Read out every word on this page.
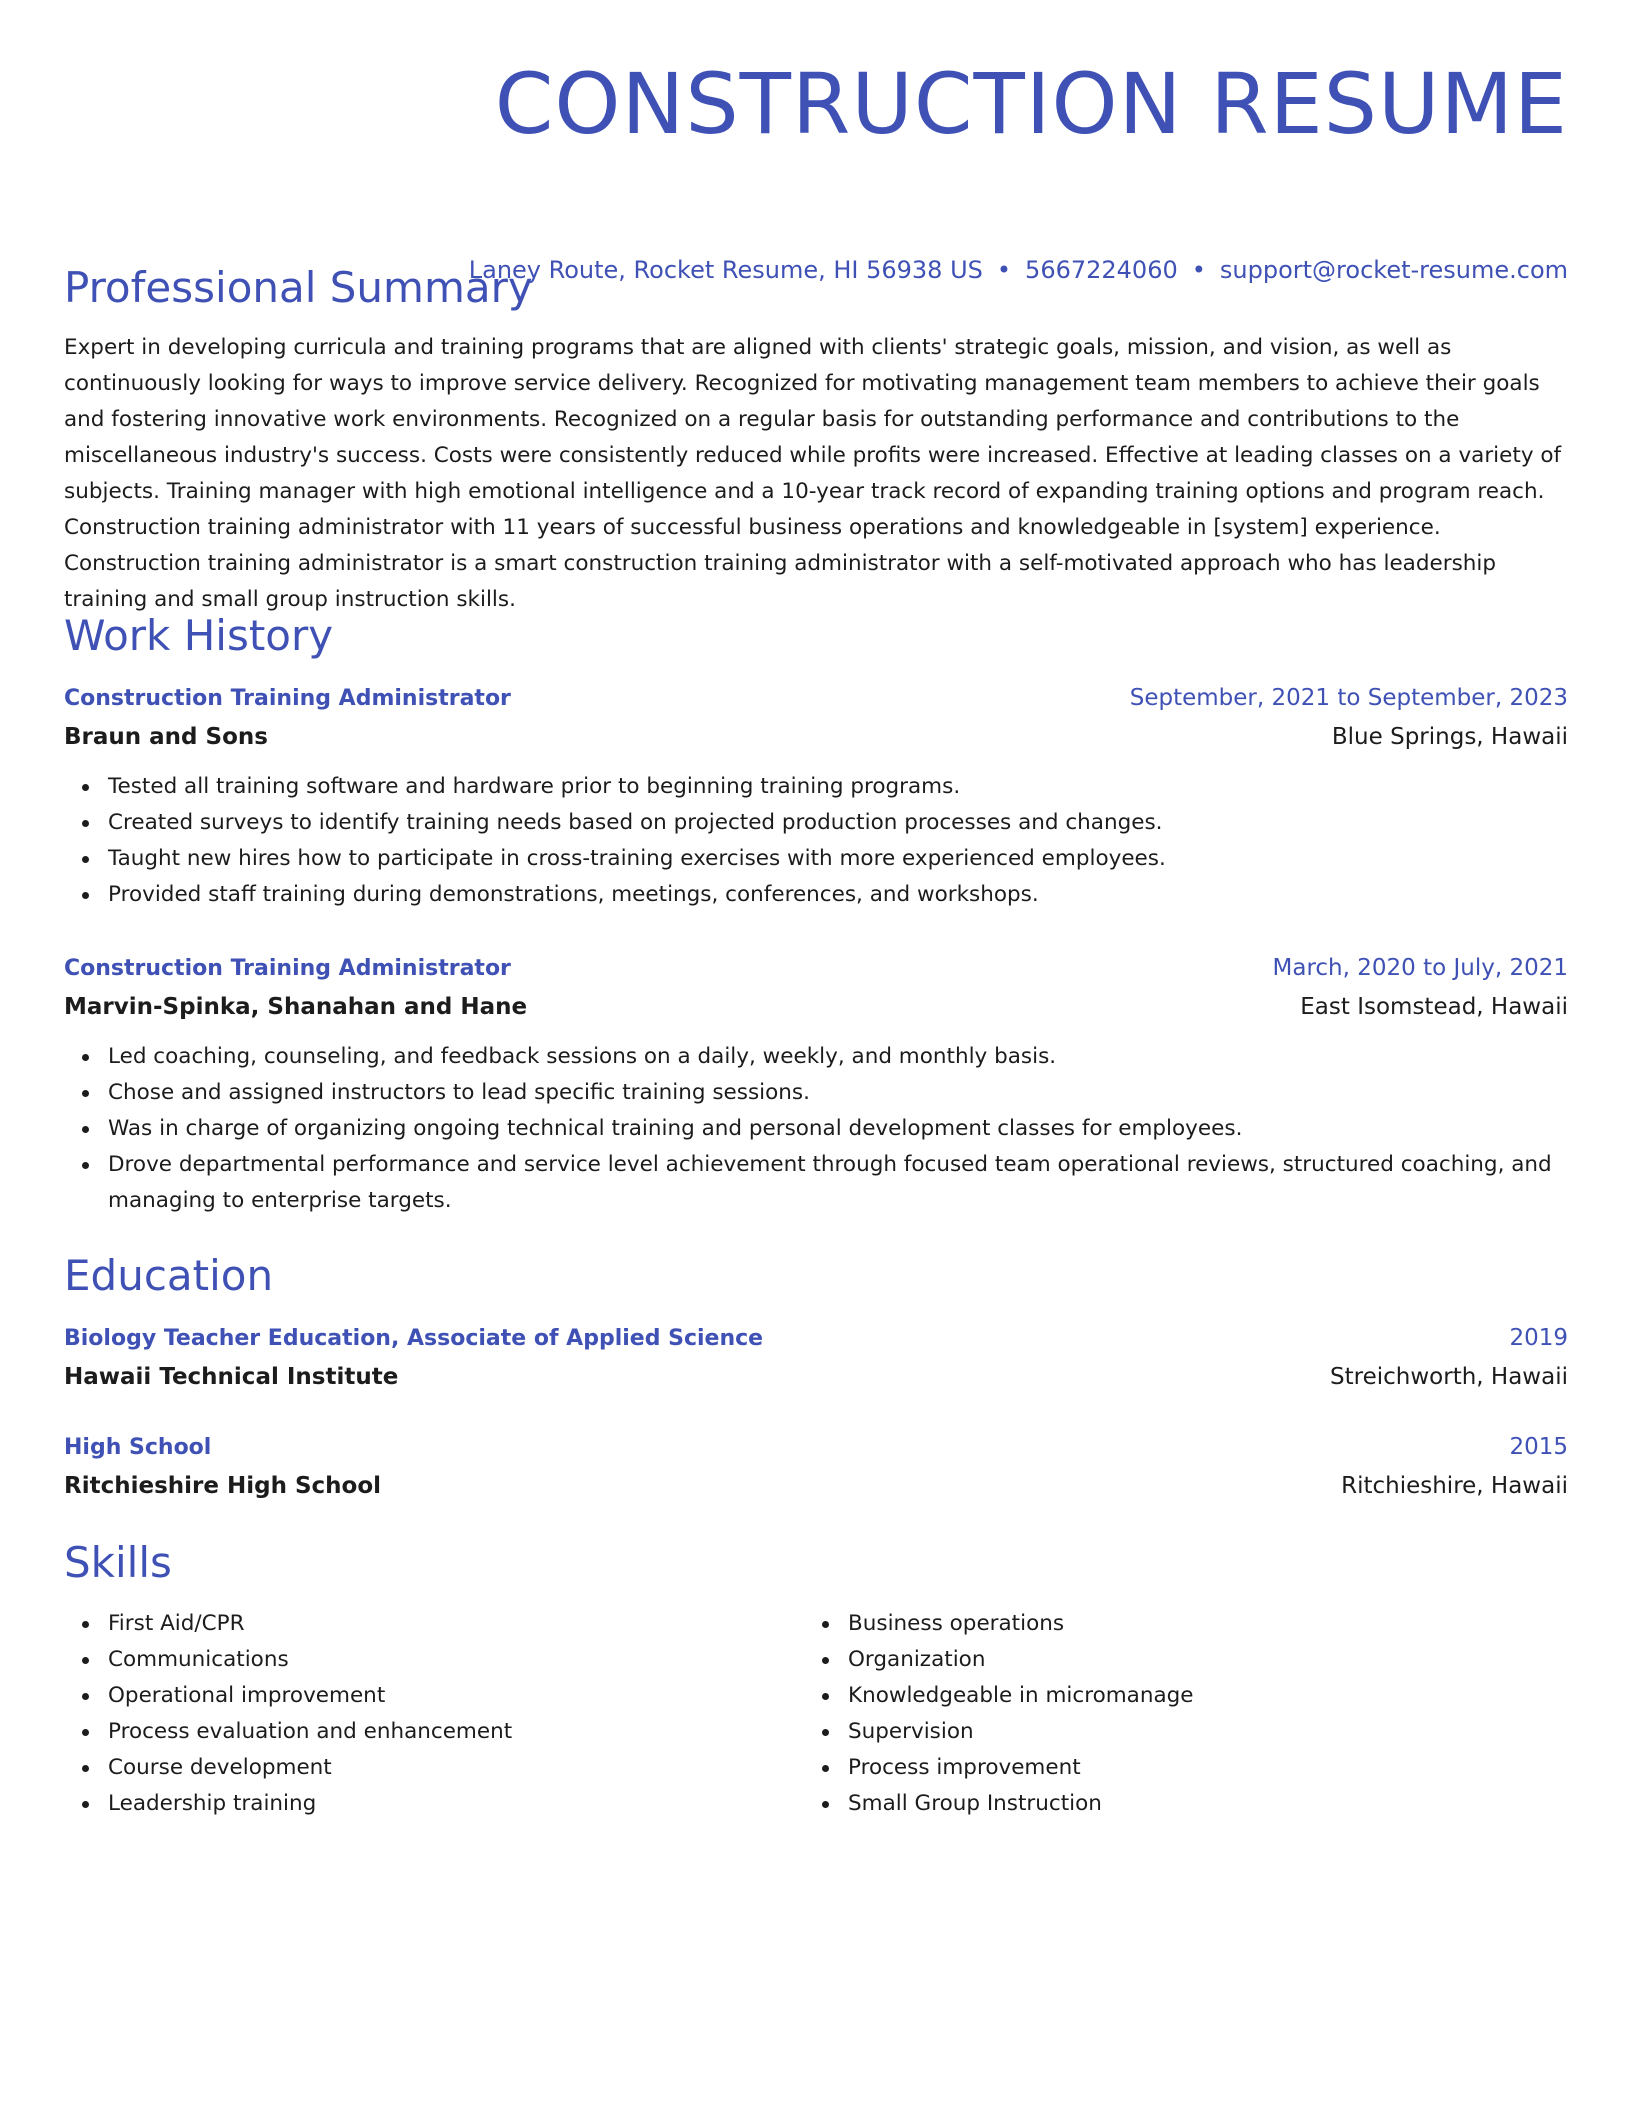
CONSTRUCTION RESUME
Laney Route, Rocket Resume, HI 56938 US • 5667224060 • support@rocket-resume.com
Professional Summary
Expert in developing curricula and training programs that are aligned with clients' strategic goals, mission, and vision, as well as continuously looking for ways to improve service delivery. Recognized for motivating management team members to achieve their goals and fostering innovative work environments. Recognized on a regular basis for outstanding performance and contributions to the miscellaneous industry's success. Costs were consistently reduced while profits were increased. Effective at leading classes on a variety of subjects. Training manager with high emotional intelligence and a 10-year track record of expanding training options and program reach. Construction training administrator with 11 years of successful business operations and knowledgeable in [system] experience. Construction training administrator is a smart construction training administrator with a self-motivated approach who has leadership training and small group instruction skills.
Work History
Construction Training Administrator	September, 2021 to September, 2023
Braun and Sons	Blue Springs, Hawaii
Tested all training software and hardware prior to beginning training programs.
Created surveys to identify training needs based on projected production processes and changes.
Taught new hires how to participate in cross-training exercises with more experienced employees.
Provided staff training during demonstrations, meetings, conferences, and workshops.
Construction Training Administrator	March, 2020 to July, 2021
Marvin-Spinka, Shanahan and Hane	East Isomstead, Hawaii
Led coaching, counseling, and feedback sessions on a daily, weekly, and monthly basis.
Chose and assigned instructors to lead specific training sessions.
Was in charge of organizing ongoing technical training and personal development classes for employees.
Drove departmental performance and service level achievement through focused team operational reviews, structured coaching, and managing to enterprise targets.
Education
Biology Teacher Education, Associate of Applied Science	2019
Hawaii Technical Institute	Streichworth, Hawaii
High School	2015
Ritchieshire High School	Ritchieshire, Hawaii
Skills
First Aid/CPR
Communications
Operational improvement
Process evaluation and enhancement
Course development
Leadership training
Business operations
Organization
Knowledgeable in micromanage
Supervision
Process improvement
Small Group Instruction
